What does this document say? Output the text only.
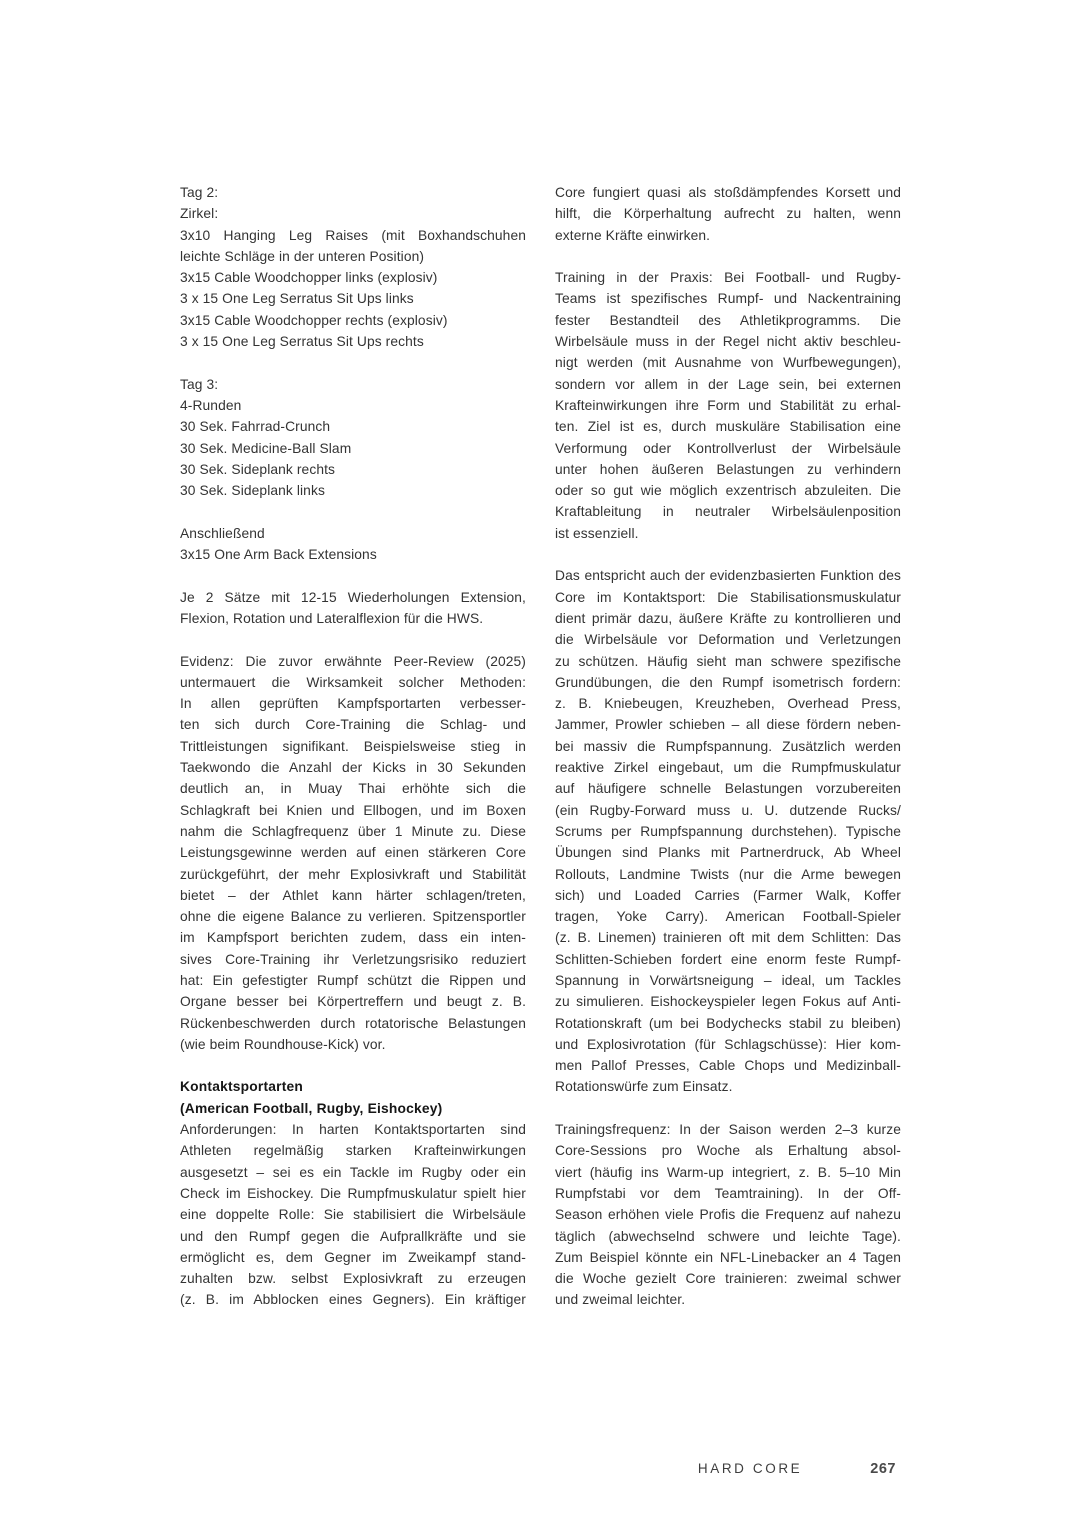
Tag 2:
Zirkel:
3x10 Hanging Leg Raises (mit Boxhandschuhen
leichte Schläge in der unteren Position)
3x15 Cable Woodchopper links (explosiv)
3 x 15 One Leg Serratus Sit Ups links
3x15 Cable Woodchopper rechts (explosiv)
3 x 15 One Leg Serratus Sit Ups rechts
Tag 3:
4-Runden
30 Sek. Fahrrad-Crunch
30 Sek. Medicine-Ball Slam
30 Sek. Sideplank rechts
30 Sek. Sideplank links
Anschließend
3x15 One Arm Back Extensions
Je 2 Sätze mit 12-15 Wiederholungen Extension,
Flexion, Rotation und Lateralflexion für die HWS.
Evidenz: Die zuvor erwähnte Peer-Review (2025)
untermauert die Wirksamkeit solcher Methoden:
In allen geprüften Kampfsportarten verbesser-
ten sich durch Core-Training die Schlag- und
Trittleistungen signifikant. Beispielsweise stieg in
Taekwondo die Anzahl der Kicks in 30 Sekunden
deutlich an, in Muay Thai erhöhte sich die
Schlagkraft bei Knien und Ellbogen, und im Boxen
nahm die Schlagfrequenz über 1 Minute zu. Diese
Leistungsgewinne werden auf einen stärkeren Core
zurückgeführt, der mehr Explosivkraft und Stabilität
bietet – der Athlet kann härter schlagen/treten,
ohne die eigene Balance zu verlieren. Spitzensportler
im Kampfsport berichten zudem, dass ein inten-
sives Core-Training ihr Verletzungsrisiko reduziert
hat: Ein gefestigter Rumpf schützt die Rippen und
Organe besser bei Körpertreffern und beugt z. B.
Rückenbeschwerden durch rotatorische Belastungen
(wie beim Roundhouse-Kick) vor.
Kontaktsportarten
(American Football, Rugby, Eishockey)
Anforderungen: In harten Kontaktsportarten sind
Athleten regelmäßig starken Krafteinwirkungen
ausgesetzt – sei es ein Tackle im Rugby oder ein
Check im Eishockey. Die Rumpfmuskulatur spielt hier
eine doppelte Rolle: Sie stabilisiert die Wirbelsäule
und den Rumpf gegen die Aufprallkräfte und sie
ermöglicht es, dem Gegner im Zweikampf stand-
zuhalten bzw. selbst Explosivkraft zu erzeugen
(z. B. im Abblocken eines Gegners). Ein kräftiger
Core fungiert quasi als stoßdämpfendes Korsett und
hilft, die Körperhaltung aufrecht zu halten, wenn
externe Kräfte einwirken.
Training in der Praxis: Bei Football- und Rugby-
Teams ist spezifisches Rumpf- und Nackentraining
fester Bestandteil des Athletikprogramms. Die
Wirbelsäule muss in der Regel nicht aktiv beschleu-
nigt werden (mit Ausnahme von Wurfbewegungen),
sondern vor allem in der Lage sein, bei externen
Krafteinwirkungen ihre Form und Stabilität zu erhal-
ten. Ziel ist es, durch muskuläre Stabilisation eine
Verformung oder Kontrollverlust der Wirbelsäule
unter hohen äußeren Belastungen zu verhindern
oder so gut wie möglich exzentrisch abzuleiten. Die
Kraftableitung in neutraler Wirbelsäulenposition
ist essenziell.
Das entspricht auch der evidenzbasierten Funktion des
Core im Kontaktsport: Die Stabilisationsmuskulatur
dient primär dazu, äußere Kräfte zu kontrollieren und
die Wirbelsäule vor Deformation und Verletzungen
zu schützen. Häufig sieht man schwere spezifische
Grundübungen, die den Rumpf isometrisch fordern:
z. B. Kniebeugen, Kreuzheben, Overhead Press,
Jammer, Prowler schieben – all diese fördern neben-
bei massiv die Rumpfspannung. Zusätzlich werden
reaktive Zirkel eingebaut, um die Rumpfmuskulatur
auf häufigere schnelle Belastungen vorzubereiten
(ein Rugby-Forward muss u. U. dutzende Rucks/
Scrums per Rumpfspannung durchstehen). Typische
Übungen sind Planks mit Partnerdruck, Ab Wheel
Rollouts, Landmine Twists (nur die Arme bewegen
sich) und Loaded Carries (Farmer Walk, Koffer
tragen, Yoke Carry). American Football-Spieler
(z. B. Linemen) trainieren oft mit dem Schlitten: Das
Schlitten-Schieben fordert eine enorm feste Rumpf-
Spannung in Vorwärtsneigung – ideal, um Tackles
zu simulieren. Eishockeyspieler legen Fokus auf Anti-
Rotationskraft (um bei Bodychecks stabil zu bleiben)
und Explosivrotation (für Schlagschüsse): Hier kom-
men Pallof Presses, Cable Chops und Medizinball-
Rotationswürfe zum Einsatz.
Trainingsfrequenz: In der Saison werden 2–3 kurze
Core-Sessions pro Woche als Erhaltung absol-
viert (häufig ins Warm-up integriert, z. B. 5–10 Min
Rumpfstabi vor dem Teamtraining). In der Off-
Season erhöhen viele Profis die Frequenz auf nahezu
täglich (abwechselnd schwere und leichte Tage).
Zum Beispiel könnte ein NFL-Linebacker an 4 Tagen
die Woche gezielt Core trainieren: zweimal schwer
und zweimal leichter.
HARD CORE	267
